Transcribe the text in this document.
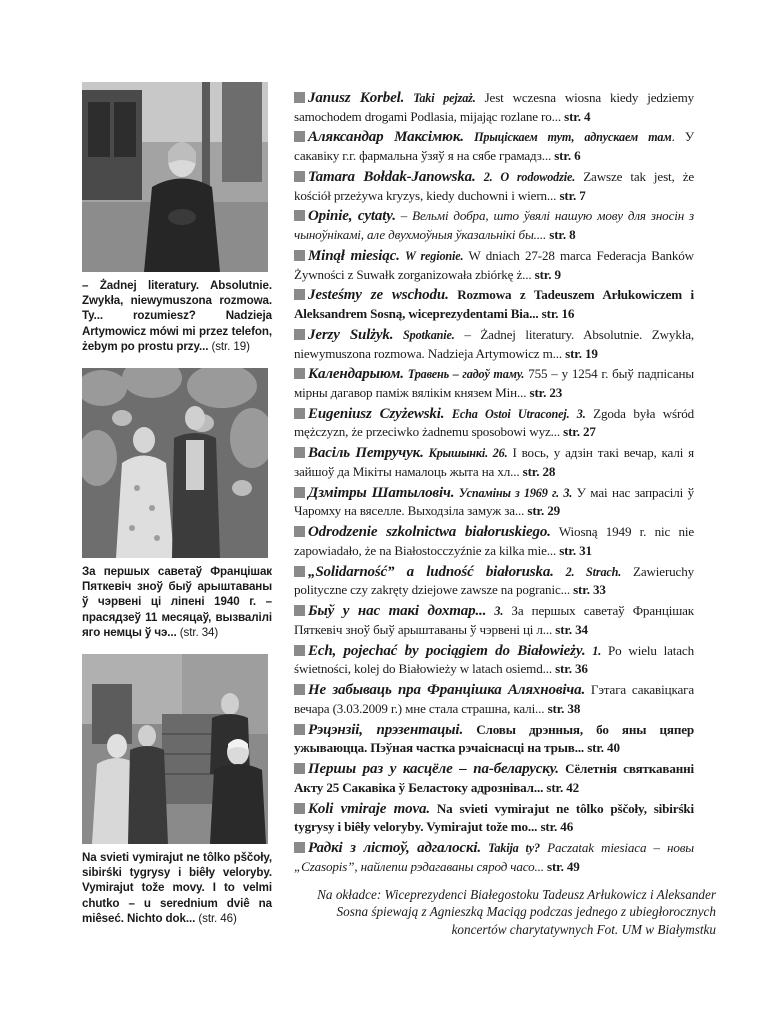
– Żadnej literatury. Absolutnie. Zwykła, niewymuszona rozmowa. Ty... rozumiesz? Nadzieja Artymowicz mówi mi przez telefon, żebym po prostu przy... (str. 19)
За першых саветаў Францішак Пяткевіч зноў быў арыштаваны ў чэрвені ці ліпені 1940 г. – прасядзеў 11 месяцаў, вызвалілі яго немцы ў чэ... (str. 34)
Na svieti vymirajut ne tôlko pščoły, sibirśki tygrysy i biêły veloryby. Vymirajut tože movy. I to velmi chutko – u serednium dviê na miêseć. Nichto dok... (str. 46)
Janusz Korbel. Taki pejzaż. Jest wczesna wiosna kiedy jedziemy samochodem drogami Podlasia, mijając rozlane ro... str. 4
Аляксандар Максімюк. Прыціскаем тут, адпускаем там. У сакавіку г.г. фармальна ўзяў я на сябе грамадз... str. 6
Tamara Bołdak-Janowska. 2. O rodowodzie. Zawsze tak jest, że kościół przeżywa kryzys, kiedy duchowni i wiern... str. 7
Opinie, cytaty. – Вельмі добра, што ўвялі нашую мову для зносін з чыноўнікамі, але двухмоўныя ўказальнікі бы.... str. 8
Minął miesiąc. W regionie. W dniach 27-28 marca Federacja Banków Żywności z Suwałk zorganizowała zbiórkę ż... str. 9
Jesteśmy ze wschodu. Rozmowa z Tadeuszem Arłukowiczem i Aleksandrem Sosną, wiceprezydentami Bia... str. 16
Jerzy Sulżyk. Spotkanie. – Żadnej literatury. Absolutnie. Zwykła, niewymuszona rozmowa. Nadzieja Artymowicz m... str. 19
Календарыюм. Травень – гадоў таму. 755 – у 1254 г. быў падпісаны мірны дагавор паміж вялікім князем Мін... str. 23
Eugeniusz Czyżewski. Echa Ostoi Utraconej. 3. Zgoda była wśród mężczyzn, że przeciwko żadnemu sposobowi wyz... str. 27
Васіль Петручук. Крышынкі. 26. І вось, у адзін такі вечар, калі я зайшоў да Мікіты намалоць жыта на хл... str. 28
Дзмітры Шатыловіч. Успаміны з 1969 г. 3. У маі нас запрасілі ў Чаромху на вяселле. Выходзіла замуж за... str. 29
Odrodzenie szkolnictwa białoruskiego. Wiosną 1949 r. nic nie zapowiadało, że na Białostocczyźnie za kilka mie... str. 31
„Solidarność” a ludność białoruska. 2. Strach. Zawieruchy polityczne czy zakręty dziejowe zawsze na pogranic... str. 33
Быў у нас такі дохтар... 3. За першых саветаў Францішак Пяткевіч зноў быў арыштаваны ў чэрвені ці л... str. 34
Ech, pojechać by pociągiem do Białowieży. 1. Po wielu latach świetności, kolej do Białowieży w latach osiemd... str. 36
Не забываць пра Францішка Аляхновіча. Гэтага сакавіцкага вечара (3.03.2009 г.) мне стала страшна, калі... str. 38
Рэцэнзіі, прэзентацыі. Словы дрэнныя, бо яны цяпер ужываюцца. Пэўная частка рэчаіснасці на трыв... str. 40
Першы раз у касцёле – па-беларуску. Сёлетнія святкаванні Акту 25 Сакавіка ў Беластоку адрознівал... str. 42
Koli vmiraje mova. Na svieti vymirajut ne tôlko pščoły, sibirśki tygrysy i biêły veloryby. Vymirajut tože mo... str. 46
Радкі з лістоў, адгалоскі. Takija ty? Paczatak miesiaca – новы „Czasopis”, найлепш рэдагаваны сярод часо... str. 49
Na okładce: Wiceprezydenci Białegostoku Tadeusz Arłukowicz i Aleksander Sosna śpiewają z Agnieszką Maciąg podczas jednego z ubiegłorocznych koncertów charytatywnych Fot. UM w Białymstku
